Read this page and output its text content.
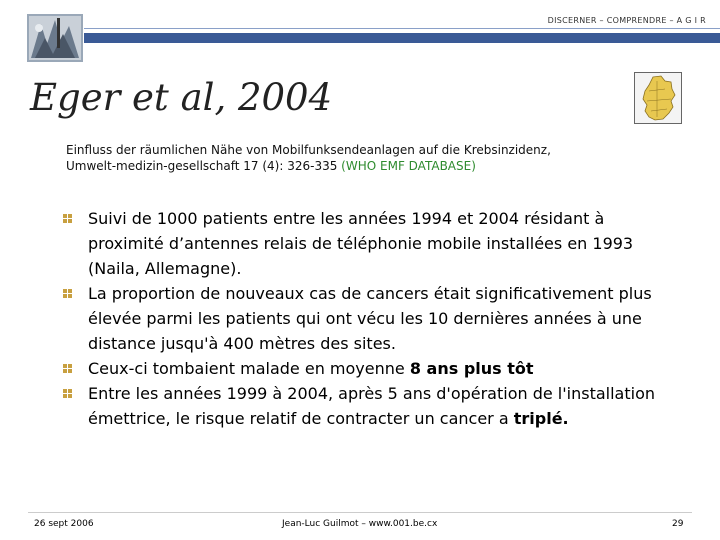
DISCERNER – COMPRENDRE – A G I R
Eger et al, 2004
Einfluss der räumlichen Nähe von Mobilfunksendeanlagen auf die Krebsinzidenz,
Umwelt-medizin-gesellschaft 17 (4): 326-335 (WHO EMF DATABASE)
Suivi de 1000 patients entre les années 1994 et 2004 résidant à proximité d’antennes relais de téléphonie mobile installées en 1993 (Naila, Allemagne).
La proportion de nouveaux cas de cancers était significativement plus élevée parmi les patients qui ont vécu les 10 dernières années à une distance jusqu'à 400 mètres des sites.
Ceux-ci tombaient malade en moyenne 8 ans plus tôt
Entre les années 1999 à 2004, après 5 ans d'opération de l'installation émettrice, le risque relatif de contracter un cancer a triplé.
26 sept 2006	Jean-Luc Guilmot – www.001.be.cx	29
